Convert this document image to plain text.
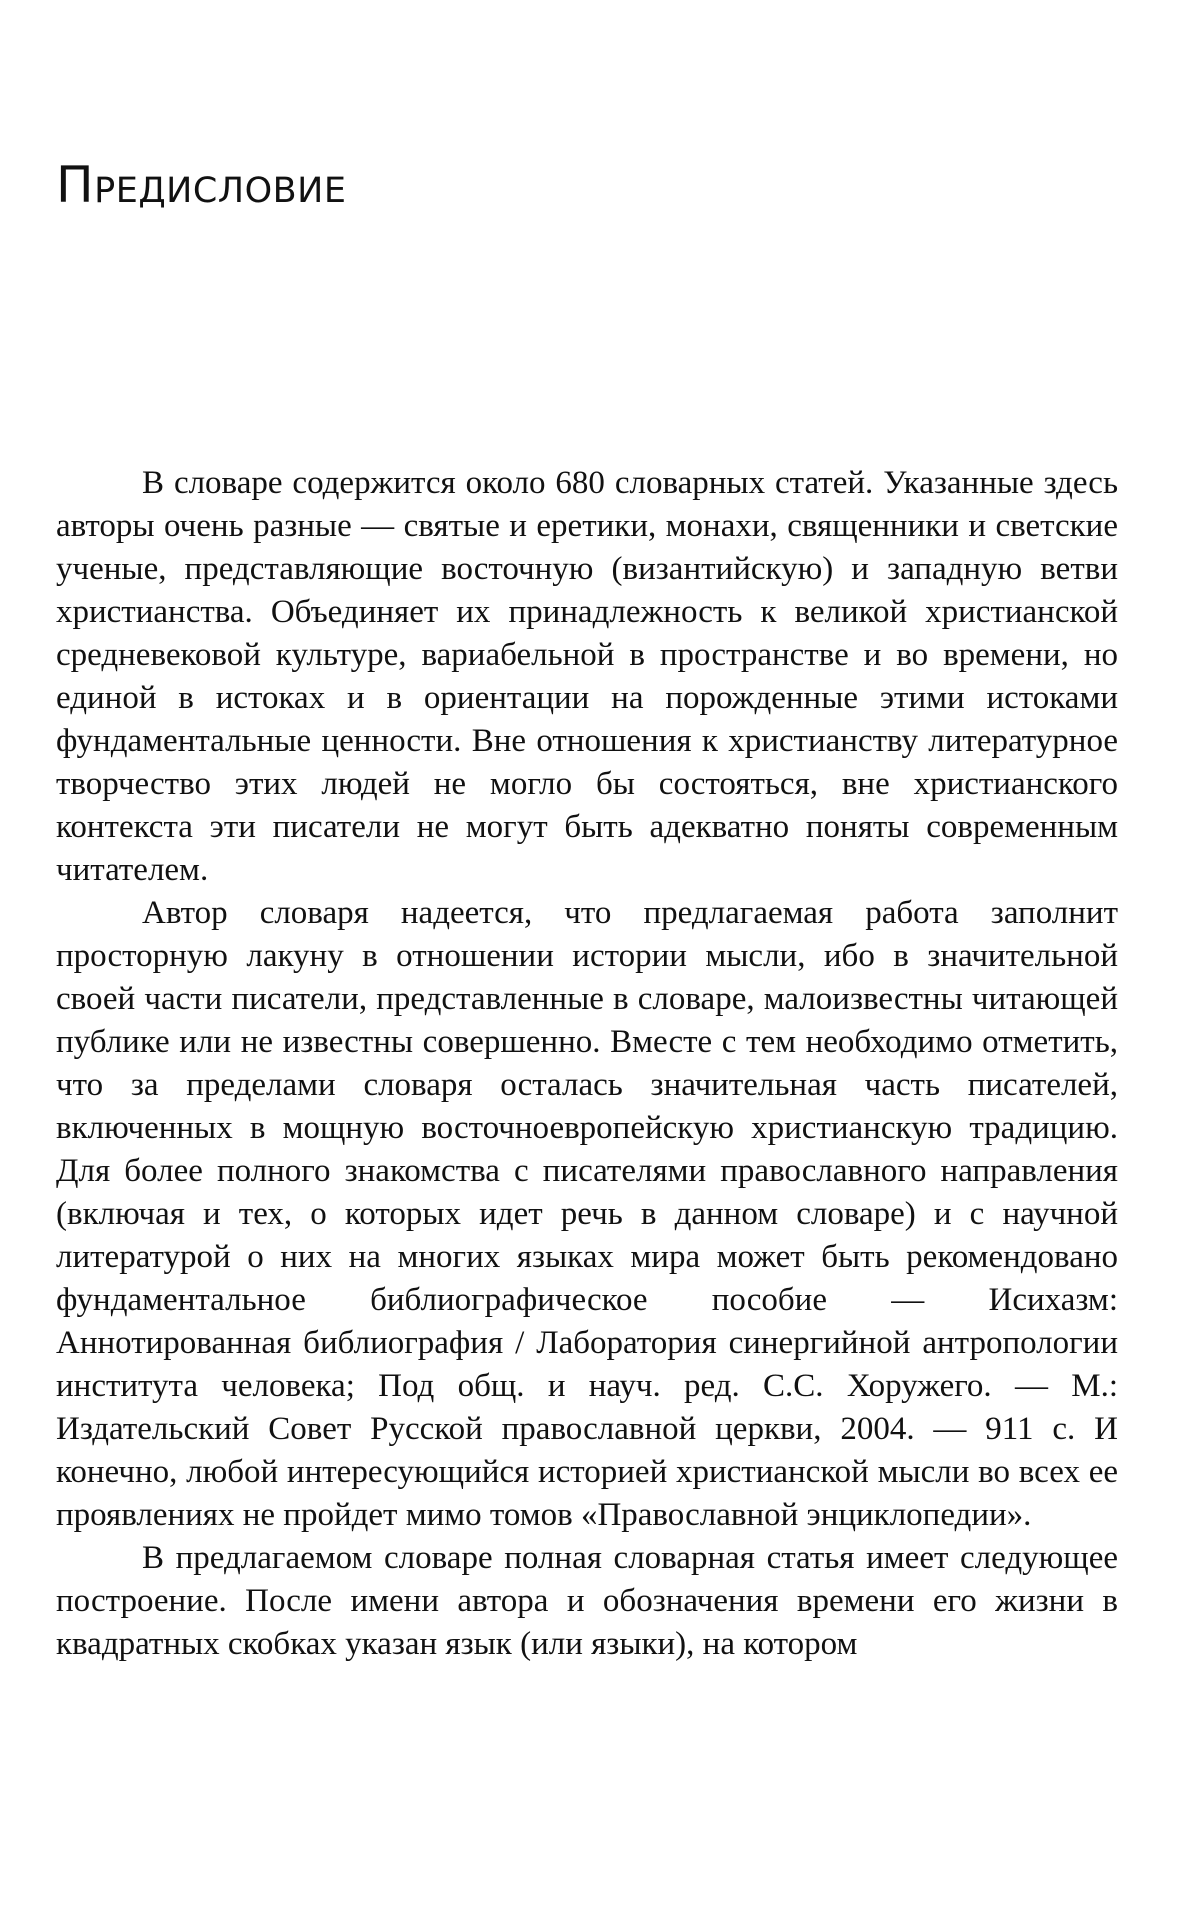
Предисловие

В словаре содержится около 680 словарных статей. Указанные здесь авторы очень разные — святые и еретики, монахи, священники и светские ученые, представляющие восточную (византийскую) и западную ветви христианства. Объединяет их принадлежность к великой христианской средневековой культуре, вариабельной в пространстве и во времени, но единой в истоках и в ориентации на порожденные этими истоками фундаментальные ценности. Вне отношения к христианству литературное творчество этих людей не могло бы состояться, вне христианского контекста эти писатели не могут быть адекватно поняты современным читателем.

Автор словаря надеется, что предлагаемая работа заполнит просторную лакуну в отношении истории мысли, ибо в значительной своей части писатели, представленные в словаре, малоизвестны читающей публике или не известны совершенно. Вместе с тем необходимо отметить, что за пределами словаря осталась значительная часть писателей, включенных в мощную восточноевропейскую христианскую традицию. Для более полного знакомства с писателями православного направления (включая и тех, о которых идет речь в данном словаре) и с научной литературой о них на многих языках мира может быть рекомендовано фундаментальное библиографическое пособие — Исихазм: Аннотированная библиография / Лаборатория синергийной антропологии института человека; Под общ. и науч. ред. С.С. Хоружего. — М.: Издательский Совет Русской православной церкви, 2004. — 911 с. И конечно, любой интересующийся историей христианской мысли во всех ее проявлениях не пройдет мимо томов «Православной энциклопедии».

В предлагаемом словаре полная словарная статья имеет следующее построение. После имени автора и обозначения времени его жизни в квадратных скобках указан язык (или языки), на котором
